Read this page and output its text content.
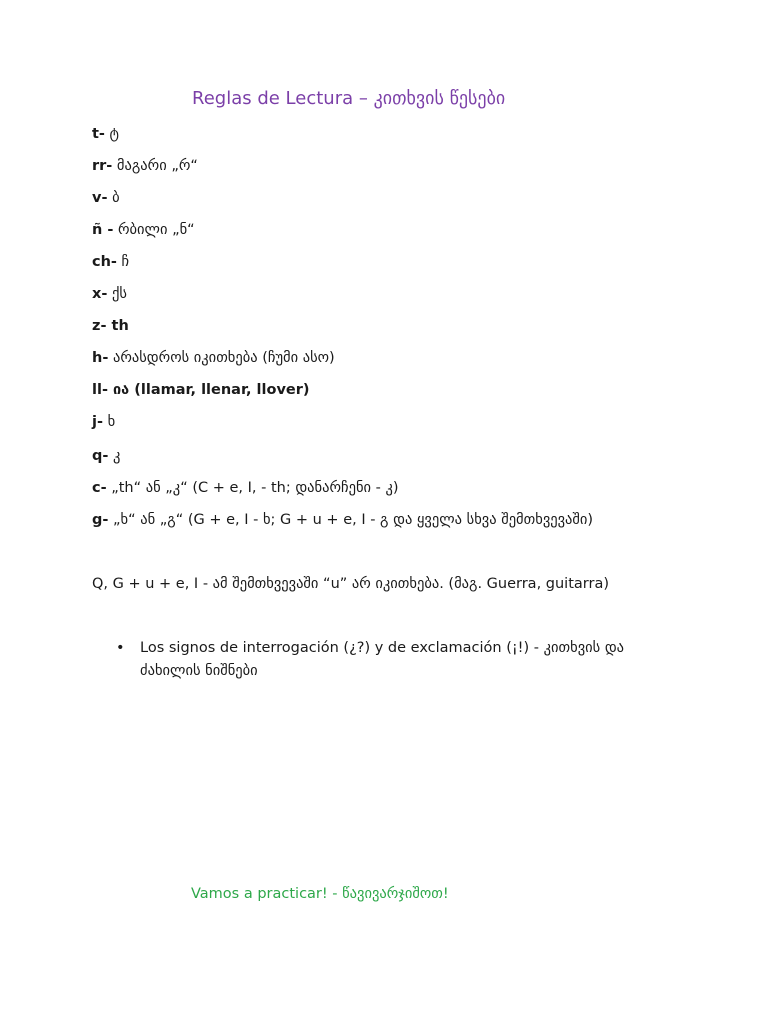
Reglas de Lectura – კითხვის წესები
t- ტ
rr- მაგარი „რ“
v- ბ
ñ - რბილი „ნ“
ch- ჩ
x- ქს
z- th
h- არასდროს იკითხება (ჩუმი ასო)
ll- ია (llamar, llenar, llover)
j- ხ
q- კ
c- „th“ ან „კ“ (C + e, I, - th; დანარჩენი - კ)
g- „ხ“ ან „გ“ (G + e, I - ხ; G + u + e, I - გ და ყველა სხვა შემთხვევაში)
Q, G + u + e, I - ამ შემთხვევაში “u” არ იკითხება. (მაგ. Guerra, guitarra)
• Los signos de interrogación (¿?) y de exclamación (¡!) - კითხვის და ძახილის ნიშნები
Vamos a practicar! - წავივარჯიშოთ!
